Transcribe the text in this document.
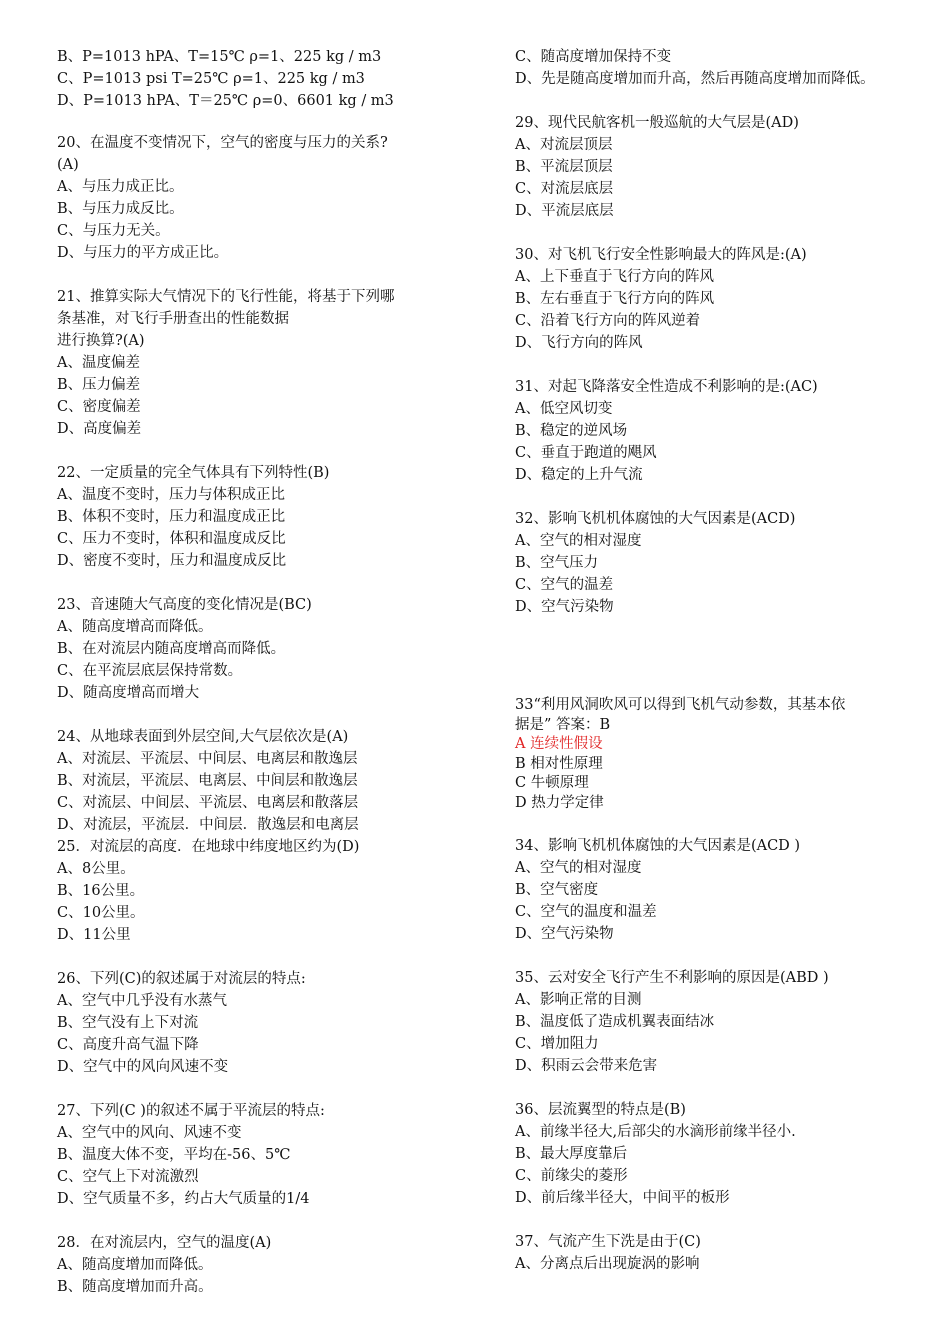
B、P=1013 hPA、T=15℃ ρ=1、225 kg / m3
C、P=1013 psi T=25℃ ρ=1、225 kg / m3
D、P=1013 hPA、T＝25℃ ρ=0、6601 kg / m3
20、在温度不变情况下，空气的密度与压力的关系?
(A)
A、与压力成正比。
B、与压力成反比。
C、与压力无关。
D、与压力的平方成正比。
21、推算实际大气情况下的飞行性能，将基于下列哪
条基准，对飞行手册查出的性能数据
进行换算?(A)
A、温度偏差
B、压力偏差
C、密度偏差
D、高度偏差
22、一定质量的完全气体具有下列特性(B)
A、温度不变时，压力与体积成正比
B、体积不变时，压力和温度成正比
C、压力不变时，体积和温度成反比
D、密度不变时，压力和温度成反比
23、音速随大气高度的变化情况是(BC)
A、随高度增高而降低。
B、在对流层内随高度增高而降低。
C、在平流层底层保持常数。
D、随高度增高而增大
24、从地球表面到外层空间,大气层依次是(A)
A、对流层、平流层、中间层、电离层和散逸层
B、对流层，平流层、电离层、中间层和散逸层
C、对流层、中间层、平流层、电离层和散落层
D、对流层，平流层．中间层．散逸层和电离层
25．对流层的高度．在地球中纬度地区约为(D)
A、8公里。
B、16公里。
C、10公里。
D、11公里
26、下列(C)的叙述属于对流层的特点:
A、空气中几乎没有水蒸气
B、空气没有上下对流
C、高度升高气温下降
D、空气中的风向风速不变
27、下列(C )的叙述不属于平流层的特点:
A、空气中的风向、风速不变
B、温度大体不变，平均在-56、5℃
C、空气上下对流激烈
D、空气质量不多，约占大气质量的1/4
28．在对流层内，空气的温度(A)
A、随高度增加而降低。
B、随高度增加而升高。
C、随高度增加保持不变
D、先是随高度增加而升高，然后再随高度增加而降低。
29、现代民航客机一般巡航的大气层是(AD)
A、对流层顶层
B、平流层顶层
C、对流层底层
D、平流层底层
30、对飞机飞行安全性影响最大的阵风是:(A)
A、上下垂直于飞行方向的阵风
B、左右垂直于飞行方向的阵风
C、沿着飞行方向的阵风逆着
D、飞行方向的阵风
31、对起飞降落安全性造成不利影响的是:(AC)
A、低空风切变
B、稳定的逆风场
C、垂直于跑道的飓风
D、稳定的上升气流
32、影响飞机机体腐蚀的大气因素是(ACD)
A、空气的相对湿度
B、空气压力
C、空气的温差
D、空气污染物
33“利用风洞吹风可以得到飞机气动参数，其基本依
据是” 答案：B
A 连续性假设
B 相对性原理
C 牛顿原理
D 热力学定律
34、影响飞机机体腐蚀的大气因素是(ACD )
A、空气的相对湿度
B、空气密度
C、空气的温度和温差
D、空气污染物
35、云对安全飞行产生不利影响的原因是(ABD )
A、影响正常的目测
B、温度低了造成机翼表面结冰
C、增加阻力
D、积雨云会带来危害
36、层流翼型的特点是(B)
A、前缘半径大,后部尖的水滴形前缘半径小.
B、最大厚度靠后
C、前缘尖的菱形
D、前后缘半径大，中间平的板形
37、气流产生下洗是由于(C)
A、分离点后出现旋涡的影响
